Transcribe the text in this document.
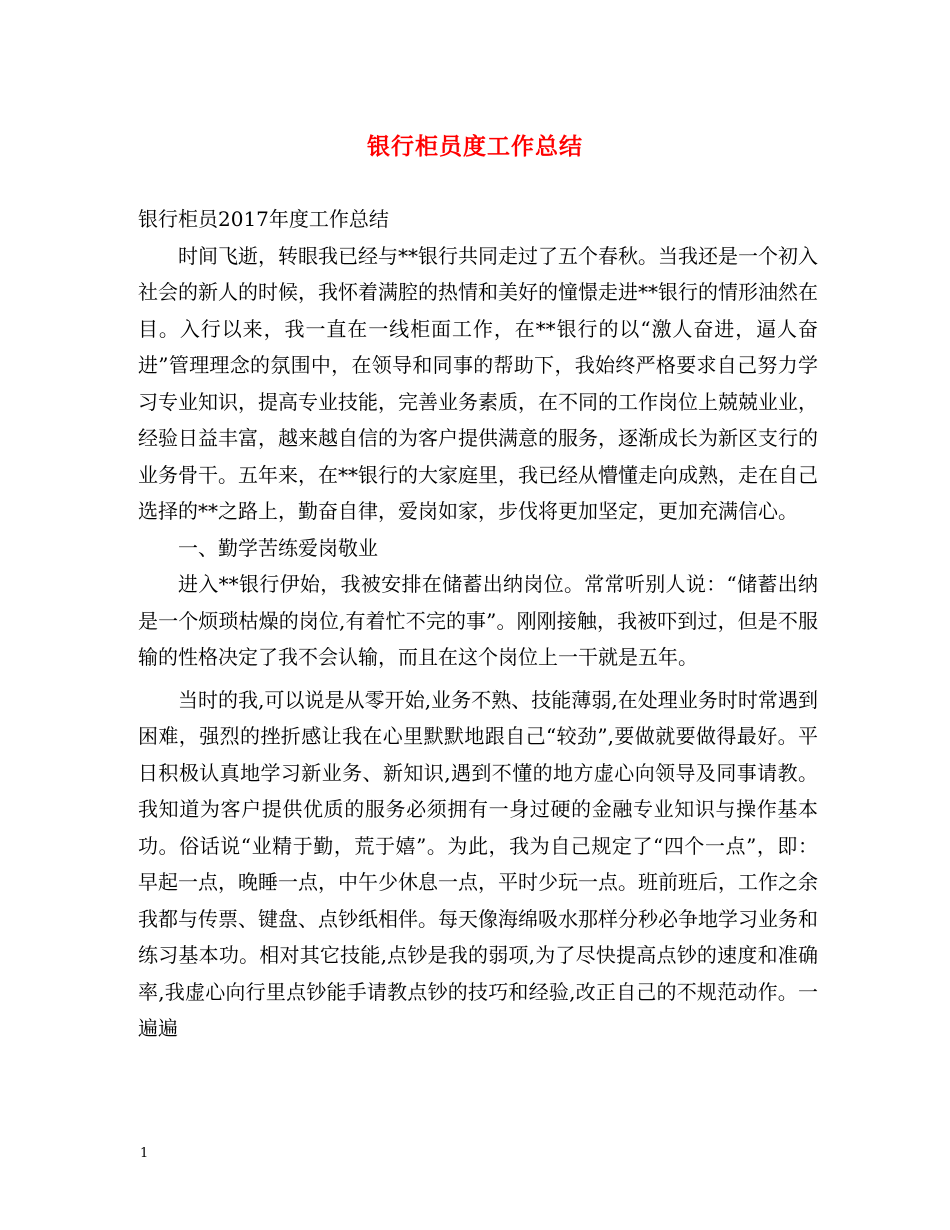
银行柜员度工作总结

银行柜员2017年度工作总结

时间飞逝，转眼我已经与**银行共同走过了五个春秋。当我还是一个初入社会的新人的时候，我怀着满腔的热情和美好的憧憬走进**银行的情形油然在目。入行以来，我一直在一线柜面工作，在**银行的以“激人奋进，逼人奋进”管理理念的氛围中，在领导和同事的帮助下，我始终严格要求自己努力学习专业知识，提高专业技能，完善业务素质，在不同的工作岗位上兢兢业业，经验日益丰富，越来越自信的为客户提供满意的服务，逐渐成长为新区支行的业务骨干。五年来，在**银行的大家庭里，我已经从懵懂走向成熟，走在自己选择的**之路上，勤奋自律，爱岗如家，步伐将更加坚定，更加充满信心。

一、勤学苦练爱岗敬业

进入**银行伊始，我被安排在储蓄出纳岗位。常常听别人说：“储蓄出纳是一个烦琐枯燥的岗位,有着忙不完的事”。刚刚接触，我被吓到过，但是不服输的性格决定了我不会认输，而且在这个岗位上一干就是五年。

当时的我,可以说是从零开始,业务不熟、技能薄弱,在处理业务时时常遇到困难，强烈的挫折感让我在心里默默地跟自己“较劲”,要做就要做得最好。平日积极认真地学习新业务、新知识,遇到不懂的地方虚心向领导及同事请教。我知道为客户提供优质的服务必须拥有一身过硬的金融专业知识与操作基本功。俗话说“业精于勤，荒于嬉”。为此，我为自己规定了“四个一点”，即：早起一点，晚睡一点，中午少休息一点，平时少玩一点。班前班后，工作之余我都与传票、键盘、点钞纸相伴。每天像海绵吸水那样分秒必争地学习业务和练习基本功。相对其它技能,点钞是我的弱项,为了尽快提高点钞的速度和准确率,我虚心向行里点钞能手请教点钞的技巧和经验,改正自己的不规范动作。一遍遍

1
